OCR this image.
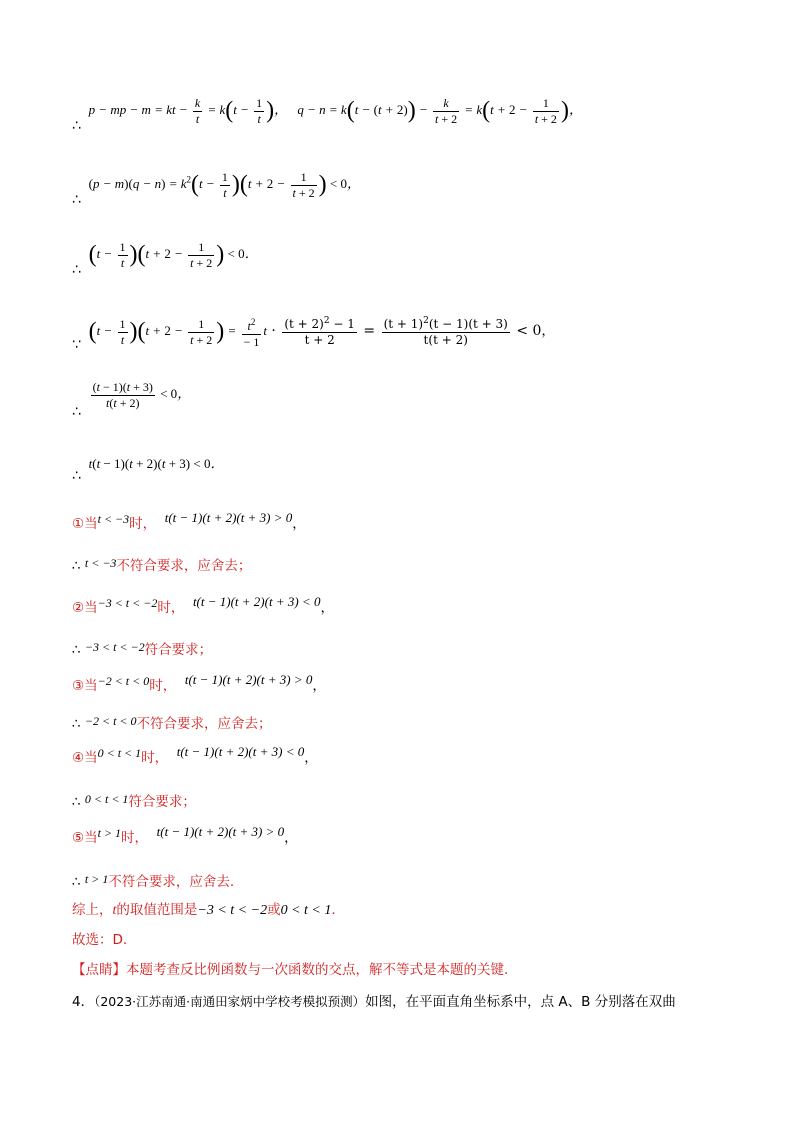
∴  p − mp − m = kt − $\frac{k}{t} = k(t - \frac{1}{t}$ )，   $q - n = k(t - (t + 2)) - \frac{k}{t + 2} = k(t + 2 - \frac{1}{t + 2}$ )，
∴  $(p - m)(q - n) = k^2(t - \frac{1}{t} )(t + 2 - \frac{1}{t + 2}$ ) < 0，
∴  $(t - \frac{1}{t} )(t + 2 - \frac{1}{t + 2}$ ) < 0．
∵  $(t - \frac{1}{t} )(t + 2 - \frac{1}{t + 2}$ ) = $\frac{t^2}{- 1}$ $t \cdot \frac{(t + 2)^2 - 1}{t + 2} = \frac{(t + 1)^2(t - 1)(t + 3)}{t(t + 2)} < 0$，
∴
$\frac{(t - 1)(t + 3)}{t(t + 2)} < 0$，
∴  t(t − 1)(t + 2)(t + 3) < 0．
①当t < −3时， t(t − 1)(t + 2)(t + 3) > 0，
∴ t < −3不符合要求，应舍去；
②当−3 < t < −2时， t(t − 1)(t + 2)(t + 3) < 0，
∴ −3 < t < −2符合要求；
③当−2 < t < 0时， t(t − 1)(t + 2)(t + 3) > 0，
∴ −2 < t < 0不符合要求，应舍去；
④当0 < t < 1时， t(t − 1)(t + 2)(t + 3) < 0，
∴ 0 < t < 1符合要求；
⑤当t > 1时， t(t − 1)(t + 2)(t + 3) > 0，
∴ t > 1不符合要求，应舍去.
综上，t的取值范围是−3 < t < −2或0 < t < 1.
故选：D.
【点睛】本题考查反比例函数与一次函数的交点，解不等式是本题的关键.
4．（2023·江苏南通·南通田家炳中学校考模拟预测）如图，在平面直角坐标系中，点 A、B 分别落在双曲
